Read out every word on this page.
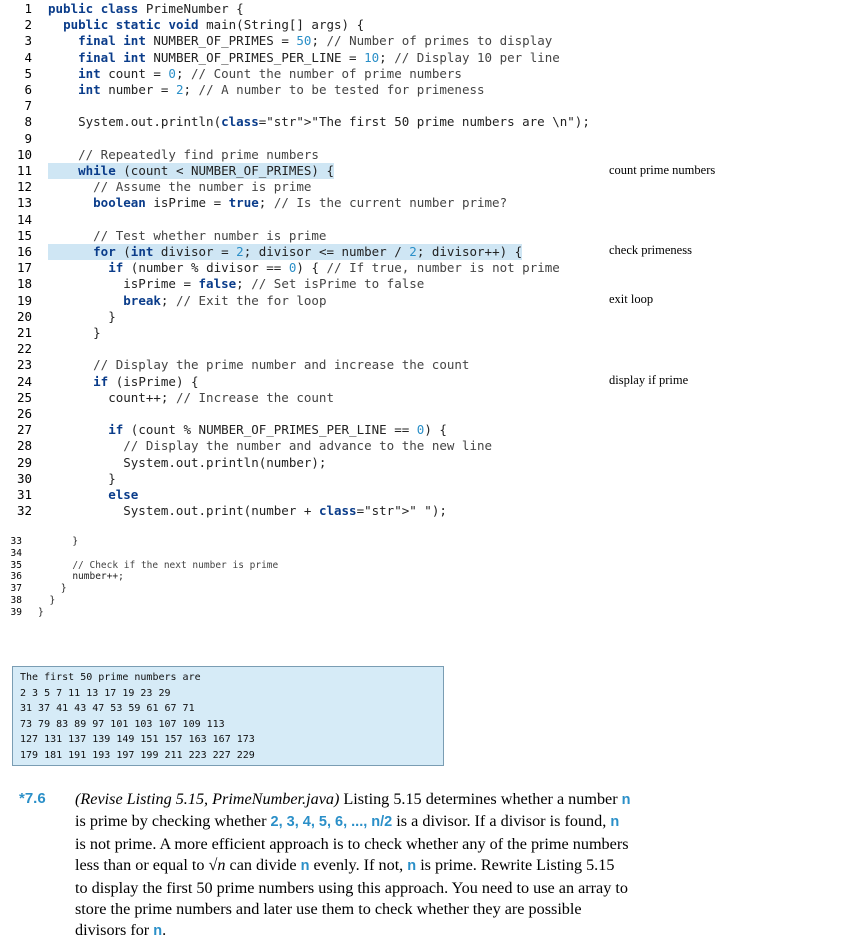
1 public class PrimeNumber {
2	public static void main(String[] args) {
3	final int NUMBER_OF_PRIMES = 50; // Number of primes to display
4	final int NUMBER_OF_PRIMES_PER_LINE = 10; // Display 10 per line
5	int count = 0; // Count the number of prime numbers
6	int number = 2; // A number to be tested for primeness
7
8 System.out.println(class="str">"The first 50 prime numbers are \n");
9
10	// Repeatedly find prime numbers
11	while (count < NUMBER_OF_PRIMES) {
12	// Assume the number is prime
13	boolean isPrime = true; // Is the current number prime?
14
15	// Test whether number is prime
16	for (int divisor = 2; divisor <= number / 2; divisor++) {
17	if (number % divisor == 0) { // If true, number is not prime
18 isPrime = false; // Set isPrime to false
19	break; // Exit the for loop
20 }
21 }
22
23	// Display the prime number and increase the count
24	if (isPrime) {
25 count++; // Increase the count
26
27	if (count % NUMBER_OF_PRIMES_PER_LINE == 0) {
28	// Display the number and advance to the new line
29 System.out.println(number);
30 }
31	else
32 System.out.print(number + class="str">" ");
33 }
34
35	// Check if the next number is prime
36 number++;
37 }
38 }
39 }
count prime numbers
check primeness
exit loop
display if prime
The first 50 prime numbers are
2 3 5 7 11 13 17 19 23 29
31 37 41 43 47 53 59 61 67 71
73 79 83 89 97 101 103 107 109 113
127 131 137 139 149 151 157 163 167 173
179 181 191 193 197 199 211 223 227 229
*7.6 (Revise Listing 5.15, PrimeNumber.java) Listing 5.15 determines whether a number n is prime by checking whether 2, 3, 4, 5, 6, ..., n/2 is a divisor. If a divisor is found, n is not prime. A more efficient approach is to check whether any of the prime numbers less than or equal to √n can divide n evenly. If not, n is prime. Rewrite Listing 5.15 to display the first 50 prime numbers using this approach. You need to use an array to store the prime numbers and later use them to check whether they are possible divisors for n.
